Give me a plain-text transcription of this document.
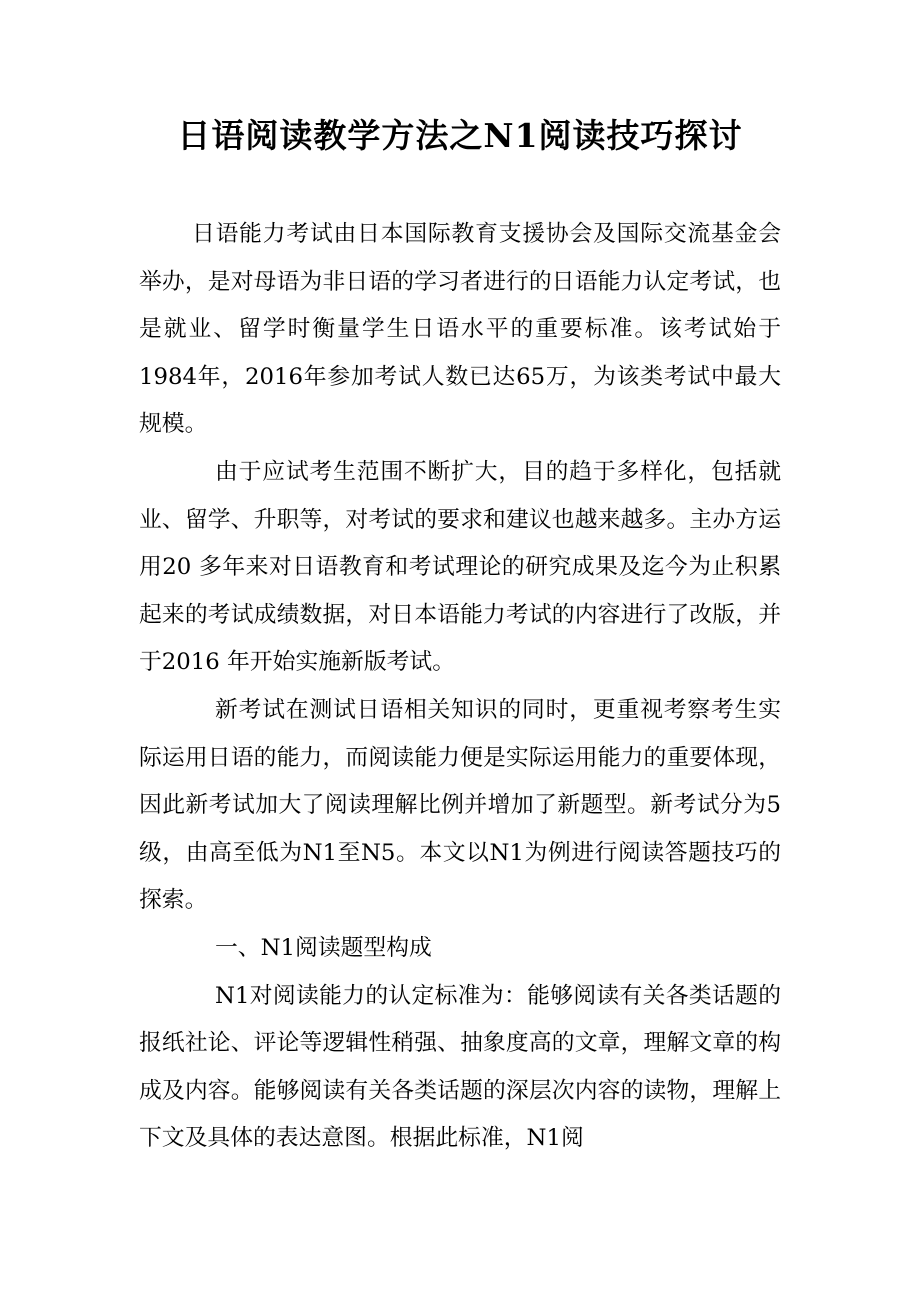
日语阅读教学方法之N1阅读技巧探讨

日语能力考试由日本国际教育支援协会及国际交流基金会举办，是对母语为非日语的学习者进行的日语能力认定考试，也是就业、留学时衡量学生日语水平的重要标准。该考试始于1984年，2016年参加考试人数已达65万，为该类考试中最大规模。

由于应试考生范围不断扩大，目的趋于多样化，包括就业、留学、升职等，对考试的要求和建议也越来越多。主办方运用20 多年来对日语教育和考试理论的研究成果及迄今为止积累起来的考试成绩数据，对日本语能力考试的内容进行了改版，并于2016 年开始实施新版考试。

新考试在测试日语相关知识的同时，更重视考察考生实际运用日语的能力，而阅读能力便是实际运用能力的重要体现，因此新考试加大了阅读理解比例并增加了新题型。新考试分为5级，由高至低为N1至N5。本文以N1为例进行阅读答题技巧的探索。

一、N1阅读题型构成

N1对阅读能力的认定标准为：能够阅读有关各类话题的报纸社论、评论等逻辑性稍强、抽象度高的文章，理解文章的构成及内容。能够阅读有关各类话题的深层次内容的读物，理解上下文及具体的表达意图。根据此标准，N1阅
